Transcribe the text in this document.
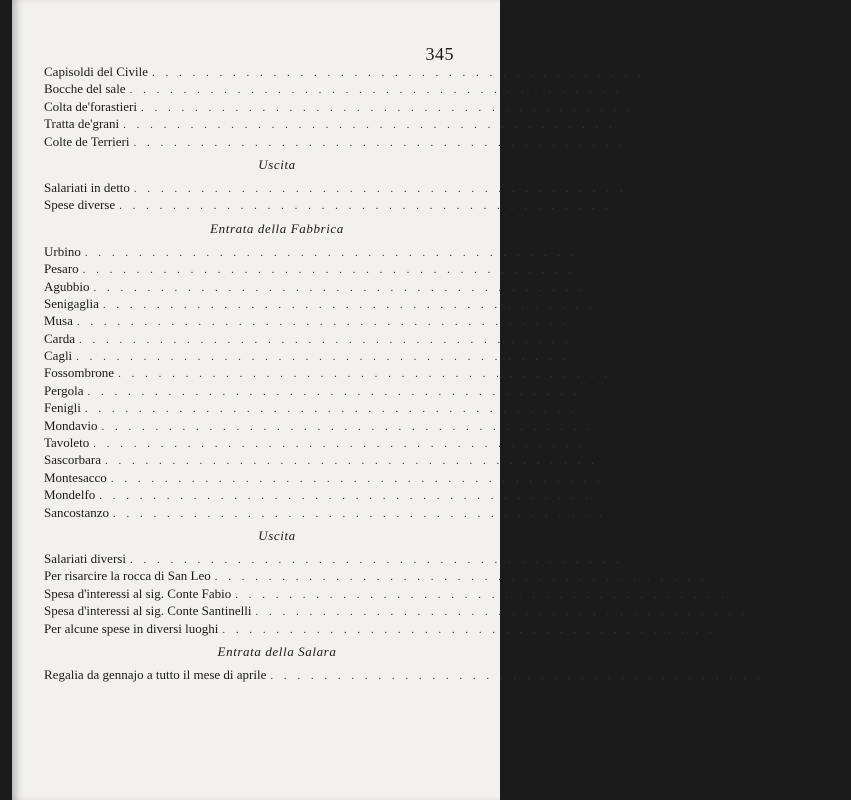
345
Capisoldi del Civile . . . . . . . . . . . . . . . . . . . . . . . . . . . . . . . . . . . . . Sc.	7.	9.
Bocche del sale . . . . . . . . . . . . . . . . . . . . . . . . . . . . . . . . . . . . . »	19. —
Colta de'forastieri . . . . . . . . . . . . . . . . . . . . . . . . . . . . . . . . . . . . . »	6. —
Tratta de'grani . . . . . . . . . . . . . . . . . . . . . . . . . . . . . . . . . . . . . »	581. 42.
Colte de Terrieri . . . . . . . . . . . . . . . . . . . . . . . . . . . . . . . . . . . . . »	4. 18.
Uscita
Salariati in detto . . . . . . . . . . . . . . . . . . . . . . . . . . . . . . . . . . . . . Sc.	30. —
Spese diverse . . . . . . . . . . . . . . . . . . . . . . . . . . . . . . . . . . . . . »	228. —
Entrata della Fabbrica
Urbino . . . . . . . . . . . . . . . . . . . . . . . . . . . . . . . . . . . . . Sc.	800. —
Pesaro . . . . . . . . . . . . . . . . . . . . . . . . . . . . . . . . . . . . . »	1000. —
Agubbio . . . . . . . . . . . . . . . . . . . . . . . . . . . . . . . . . . . . . »	800. —
Senigaglia . . . . . . . . . . . . . . . . . . . . . . . . . . . . . . . . . . . . . »	500. —
Musa . . . . . . . . . . . . . . . . . . . . . . . . . . . . . . . . . . . . . »	484. —
Carda . . . . . . . . . . . . . . . . . . . . . . . . . . . . . . . . . . . . . »	17. 15.
Cagli . . . . . . . . . . . . . . . . . . . . . . . . . . . . . . . . . . . . . »	350. —
Fossombrone . . . . . . . . . . . . . . . . . . . . . . . . . . . . . . . . . . . . . »	500. —
Pergola . . . . . . . . . . . . . . . . . . . . . . . . . . . . . . . . . . . . . »	600. —
Fenigli . . . . . . . . . . . . . . . . . . . . . . . . . . . . . . . . . . . . . »	150. —
Mondavio . . . . . . . . . . . . . . . . . . . . . . . . . . . . . . . . . . . . . »	261. —
Tavoleto . . . . . . . . . . . . . . . . . . . . . . . . . . . . . . . . . . . . . »	100. —
Sascorbara . . . . . . . . . . . . . . . . . . . . . . . . . . . . . . . . . . . . . »	25. —
Montesacco . . . . . . . . . . . . . . . . . . . . . . . . . . . . . . . . . . . . . »	25. —
Mondelfo . . . . . . . . . . . . . . . . . . . . . . . . . . . . . . . . . . . . . »	50. —
Sancostanzo . . . . . . . . . . . . . . . . . . . . . . . . . . . . . . . . . . . . . »	50. —
Uscita
Salariati diversi . . . . . . . . . . . . . . . . . . . . . . . . . . . . . . . . . . . . . Sc.	376. —
Per risarcire la rocca di San Leo . . . . . . . . . . . . . . . . . . . . . . . . . . . . . . . . . . . . . »	52. 94.
Spesa d'interessi al sig. Conte Fabio . . . . . . . . . . . . . . . . . . . . . . . . . . . . . . . . . . . . . »	150. —
Spesa d'interessi al sig. Conte Santinelli . . . . . . . . . . . . . . . . . . . . . . . . . . . . . . . . . . . . . »	4. 80.
Per alcune spese in diversi luoghi . . . . . . . . . . . . . . . . . . . . . . . . . . . . . . . . . . . . . »	133. —
Entrata della Salara
Regalia da gennajo a tutto il mese di aprile . . . . . . . . . . . . . . . . . . . . . . . . . . . . . . . . . . . . . Sc.	1666. 40.
